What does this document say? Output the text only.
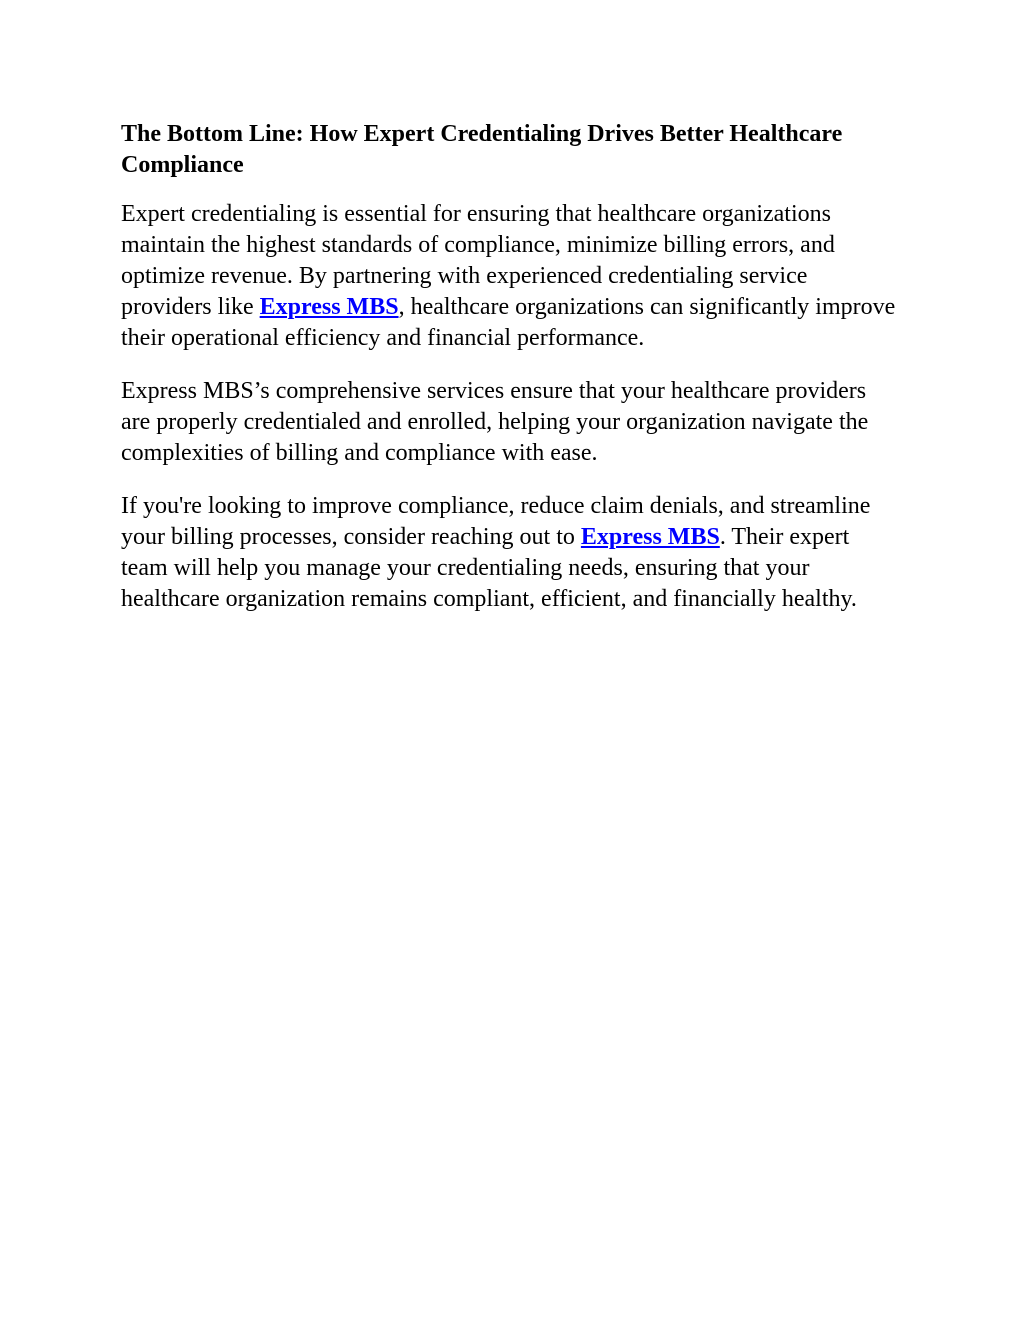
The Bottom Line: How Expert Credentialing Drives Better Healthcare Compliance

Expert credentialing is essential for ensuring that healthcare organizations maintain the highest standards of compliance, minimize billing errors, and optimize revenue. By partnering with experienced credentialing service providers like Express MBS, healthcare organizations can significantly improve their operational efficiency and financial performance.

Express MBS’s comprehensive services ensure that your healthcare providers are properly credentialed and enrolled, helping your organization navigate the complexities of billing and compliance with ease.

If you're looking to improve compliance, reduce claim denials, and streamline your billing processes, consider reaching out to Express MBS. Their expert team will help you manage your credentialing needs, ensuring that your healthcare organization remains compliant, efficient, and financially healthy.
